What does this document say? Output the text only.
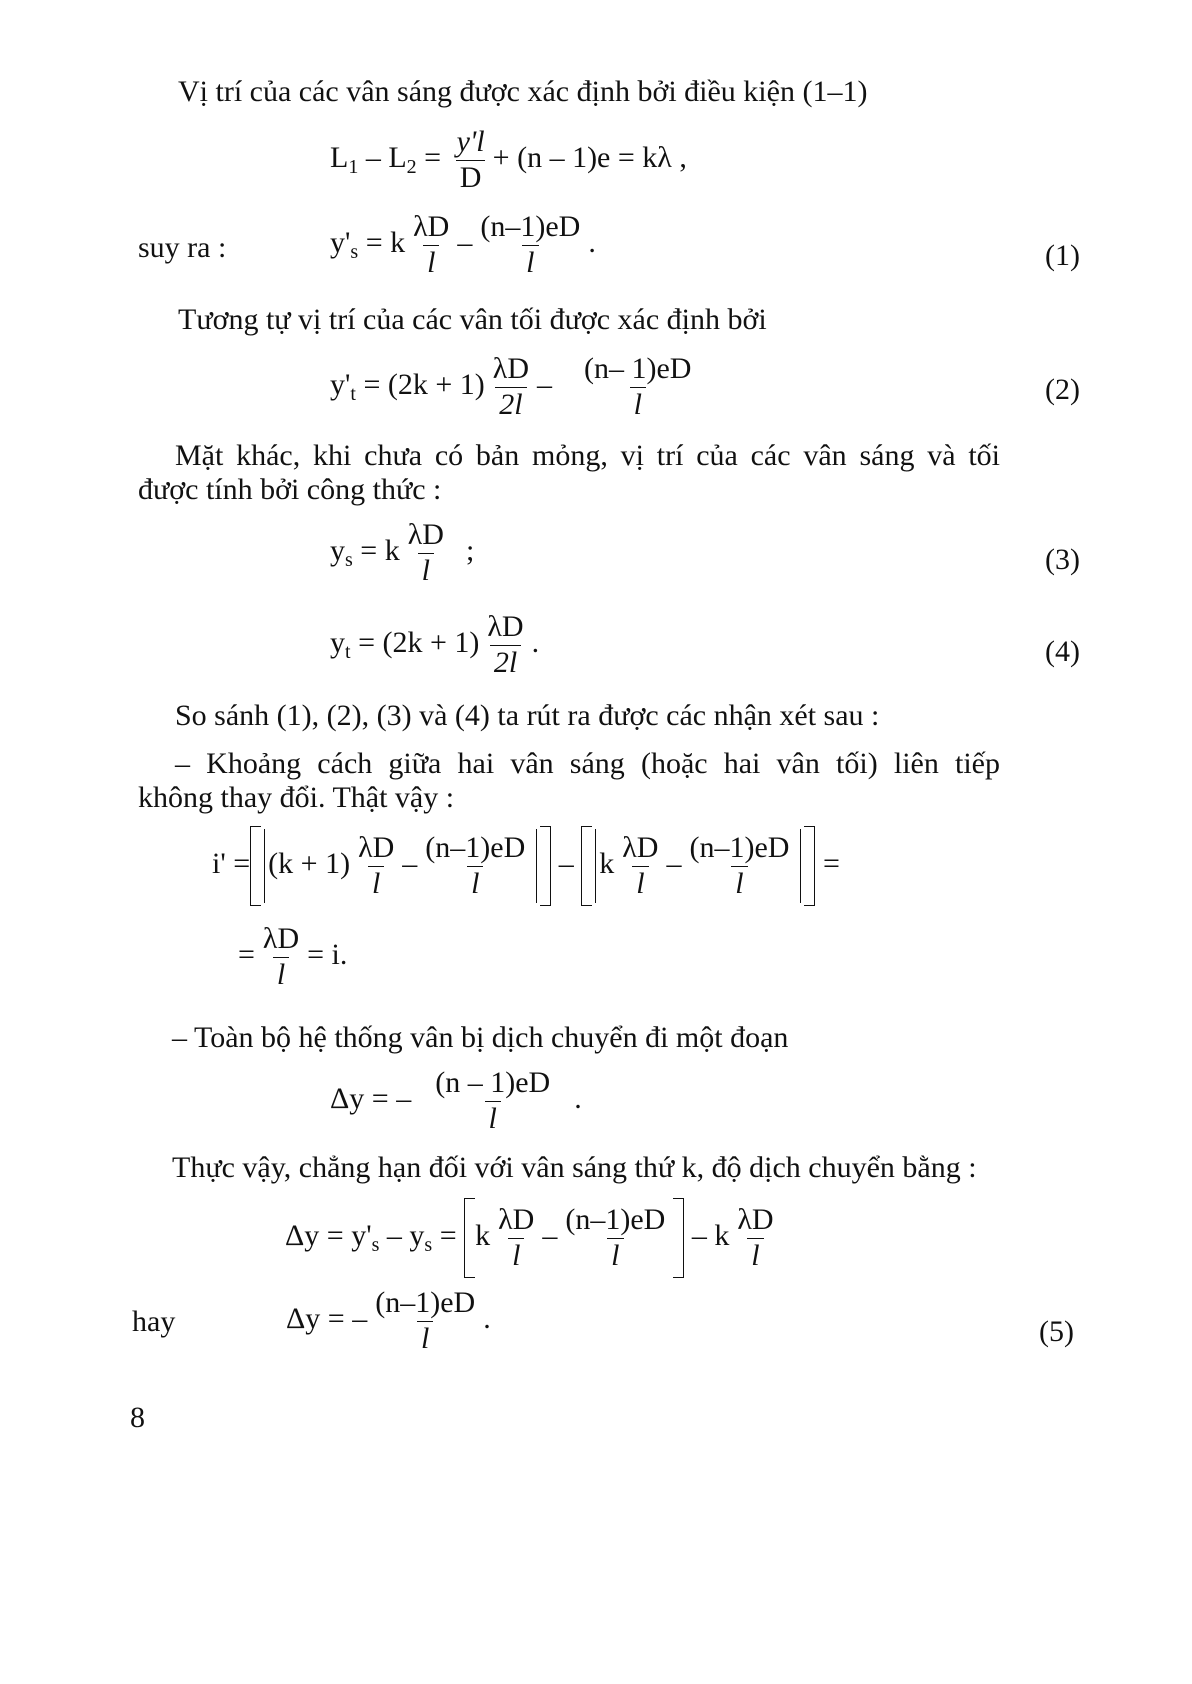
Vị trí của các vân sáng được xác định bởi điều kiện (1–1)
$L_1 - L_2 = \frac{y'l}{D} + (n - 1)e = k\lambda$ ,
suy ra :	$y'_s = k \frac{\lambda D}{l} - \frac{(n-1)eD}{l}$ .	(1)
Tương tự vị trí của các vân tối được xác định bởi
$y'_t = (2k + 1) \frac{\lambda D}{2l} - \frac{(n- 1)eD}{l}$	(2)
Mặt khác, khi chưa có bản mỏng, vị trí của các vân sáng và tối
được tính bởi công thức :
$y_s = k \frac{\lambda D}{l}$ ;	(3)
$y_t = (2k + 1) \frac{\lambda D}{2l}$ .	(4)
So sánh (1), (2), (3) và (4) ta rút ra được các nhận xét sau :
– Khoảng cách giữa hai vân sáng (hoặc hai vân tối) liên tiếp
không thay đổi. Thật vậy :
$i' = (k + 1) \frac{\lambda D}{l} - \frac{(n-1)eD}{l} - k \frac{\lambda D}{l} - \frac{(n-1)eD}{l}$ =
= $\frac{\lambda D}{l} = i$.
– Toàn bộ hệ thống vân bị dịch chuyển đi một đoạn
Δy = – $\frac{(n - 1)eD}{l}$ .
Thực vậy, chẳng hạn đối với vân sáng thứ k, độ dịch chuyển bằng :
$\Delta y = y'_s - y_s = k \frac{\lambda D}{l} - \frac{(n-1)eD}{l} - k \frac{\lambda D}{l}$
hay	Δy = – $\frac{(n-1)eD}{l}$ .	(5)
8
